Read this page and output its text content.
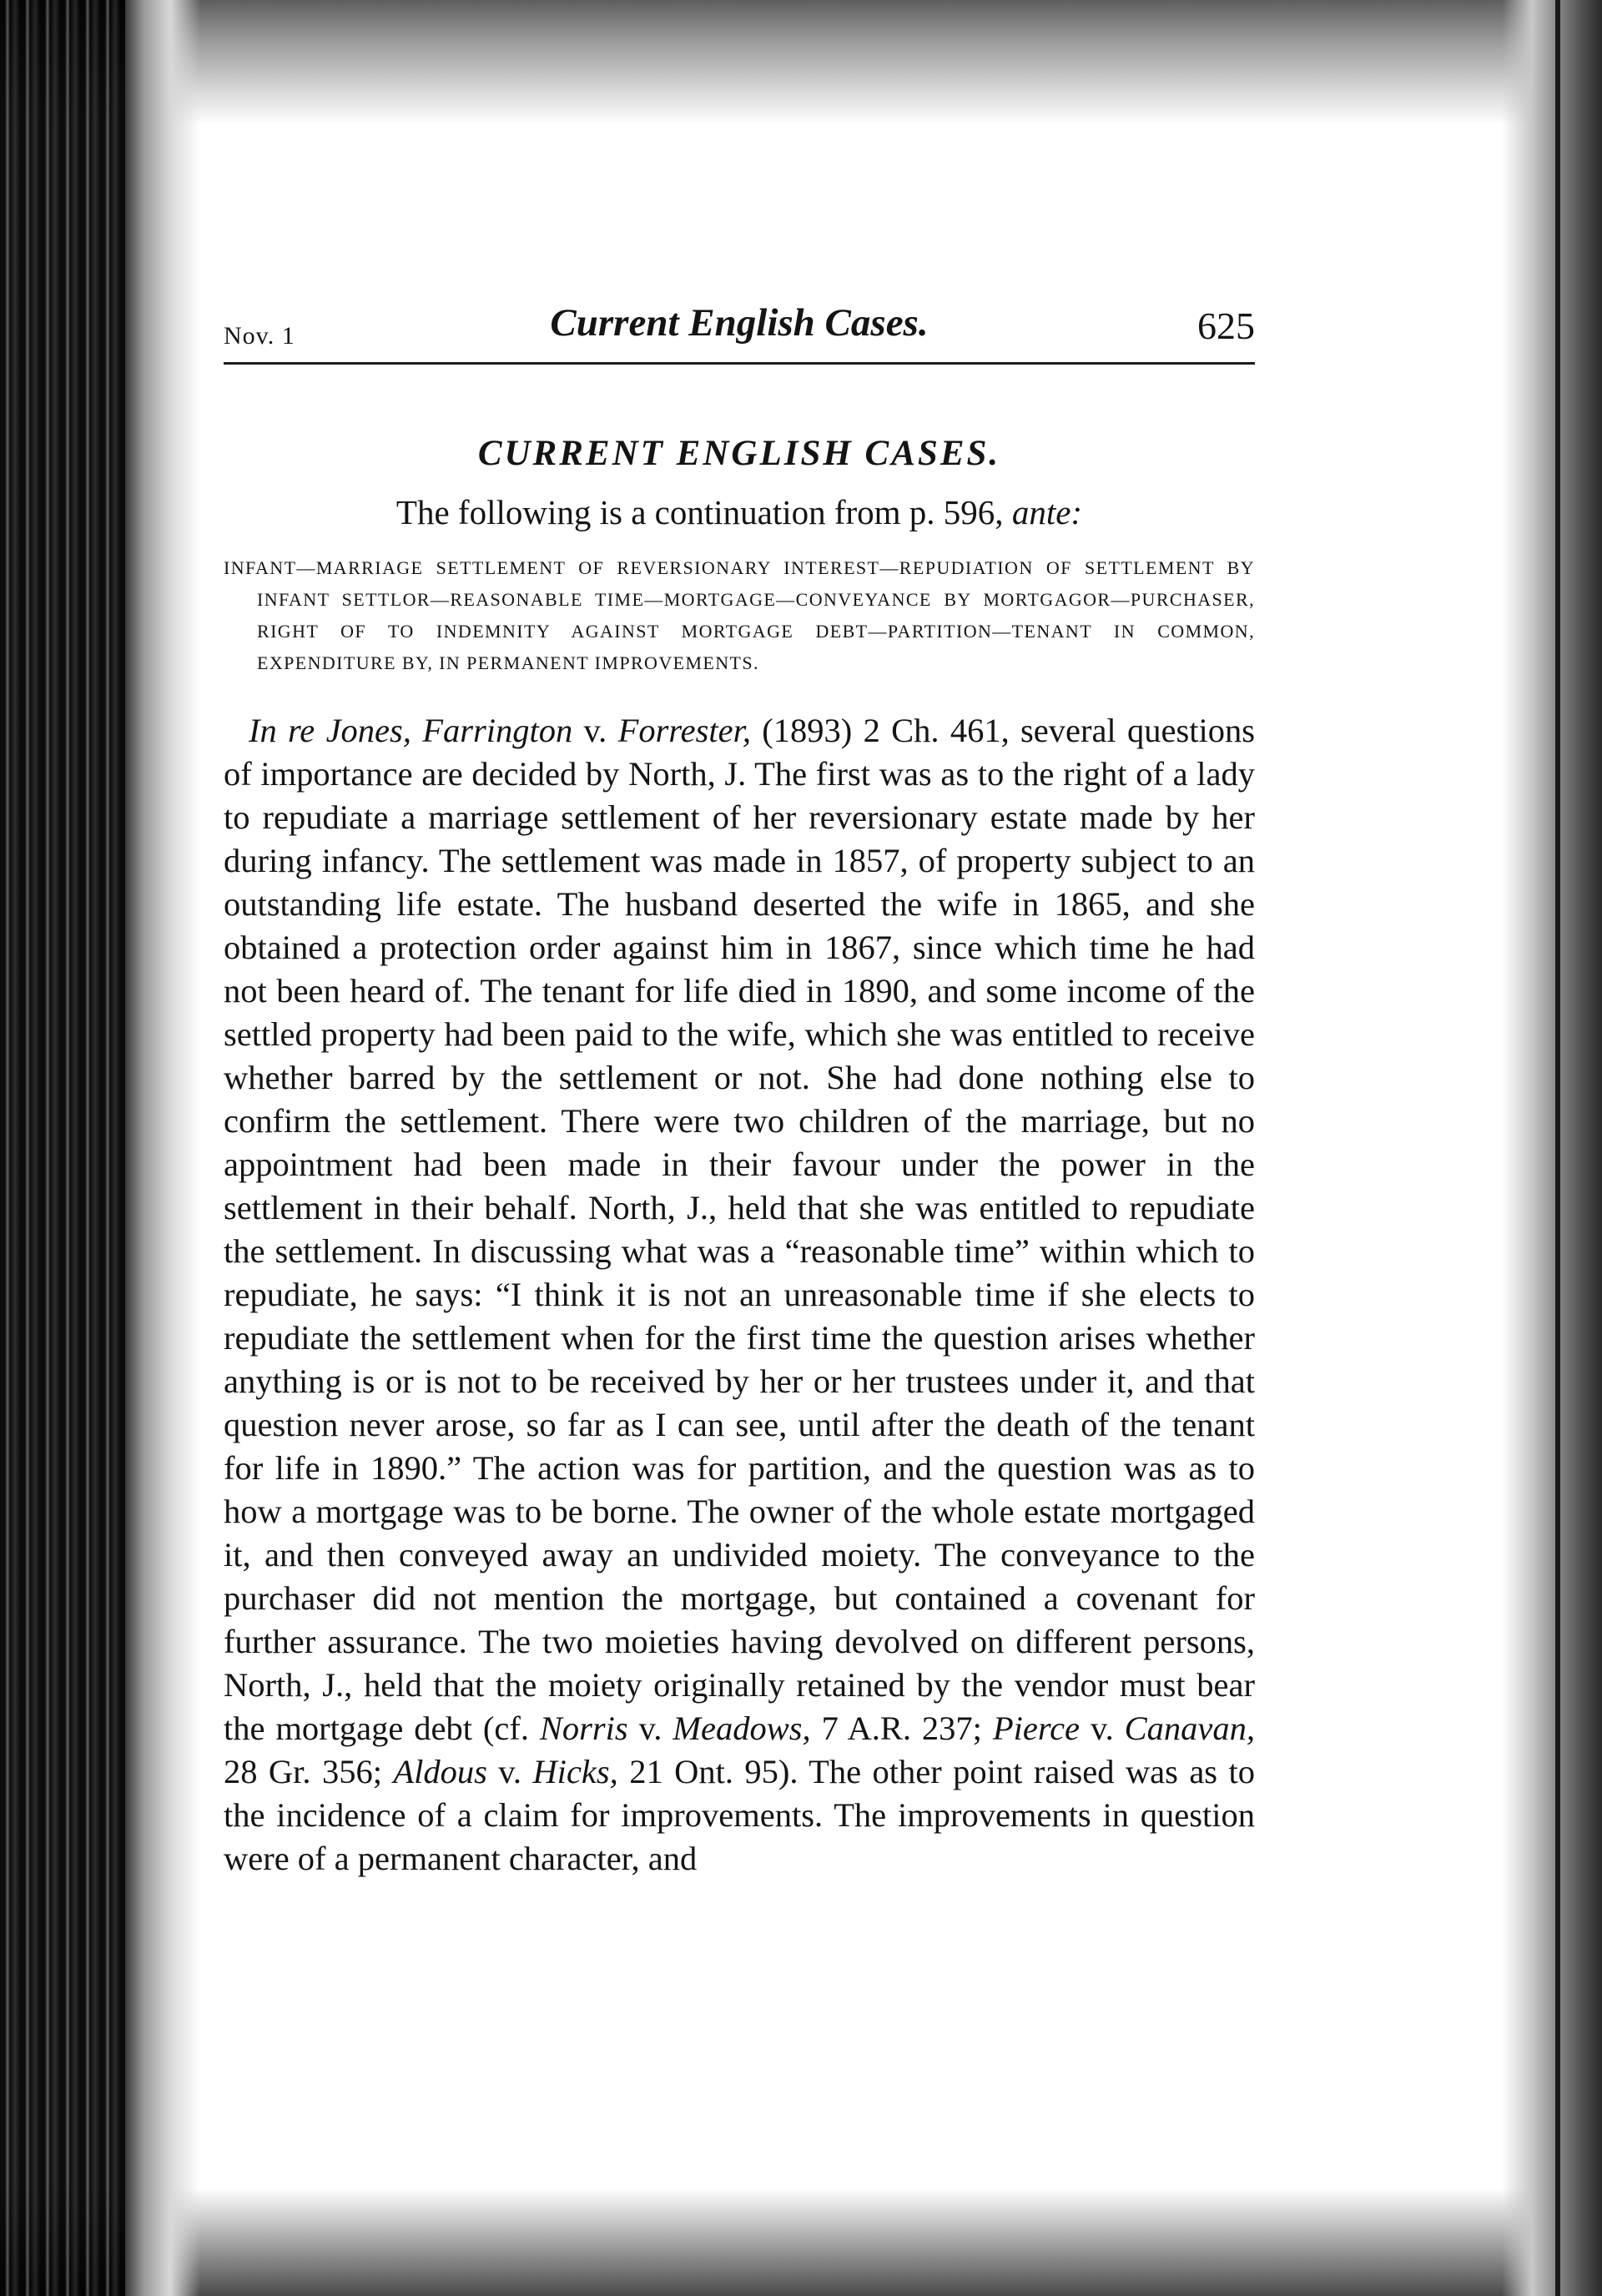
Nov. 1	Current English Cases.	625
CURRENT ENGLISH CASES.

The following is a continuation from p. 596, ante:

INFANT—MARRIAGE SETTLEMENT OF REVERSIONARY INTEREST—REPUDIATION OF SETTLEMENT BY INFANT SETTLOR—REASONABLE TIME—MORTGAGE—CONVEYANCE BY MORTGAGOR—PURCHASER, RIGHT OF TO INDEMNITY AGAINST MORTGAGE DEBT—PARTITION—TENANT IN COMMON, EXPENDITURE BY, IN PERMANENT IMPROVEMENTS.

In re Jones, Farrington v. Forrester, (1893) 2 Ch. 461, several questions of importance are decided by North, J. The first was as to the right of a lady to repudiate a marriage settlement of her reversionary estate made by her during infancy. The settlement was made in 1857, of property subject to an outstanding life estate. The husband deserted the wife in 1865, and she obtained a protection order against him in 1867, since which time he had not been heard of. The tenant for life died in 1890, and some income of the settled property had been paid to the wife, which she was entitled to receive whether barred by the settlement or not. She had done nothing else to confirm the settlement. There were two children of the marriage, but no appointment had been made in their favour under the power in the settlement in their behalf. North, J., held that she was entitled to repudiate the settlement. In discussing what was a “reasonable time” within which to repudiate, he says: “I think it is not an unreasonable time if she elects to repudiate the settlement when for the first time the question arises whether anything is or is not to be received by her or her trustees under it, and that question never arose, so far as I can see, until after the death of the tenant for life in 1890.” The action was for partition, and the question was as to how a mortgage was to be borne. The owner of the whole estate mortgaged it, and then conveyed away an undivided moiety. The conveyance to the purchaser did not mention the mortgage, but contained a covenant for further assurance. The two moieties having devolved on different persons, North, J., held that the moiety originally retained by the vendor must bear the mortgage debt (cf. Norris v. Meadows, 7 A.R. 237; Pierce v. Canavan, 28 Gr. 356; Aldous v. Hicks, 21 Ont. 95). The other point raised was as to the incidence of a claim for improvements. The improvements in question were of a permanent character, and
